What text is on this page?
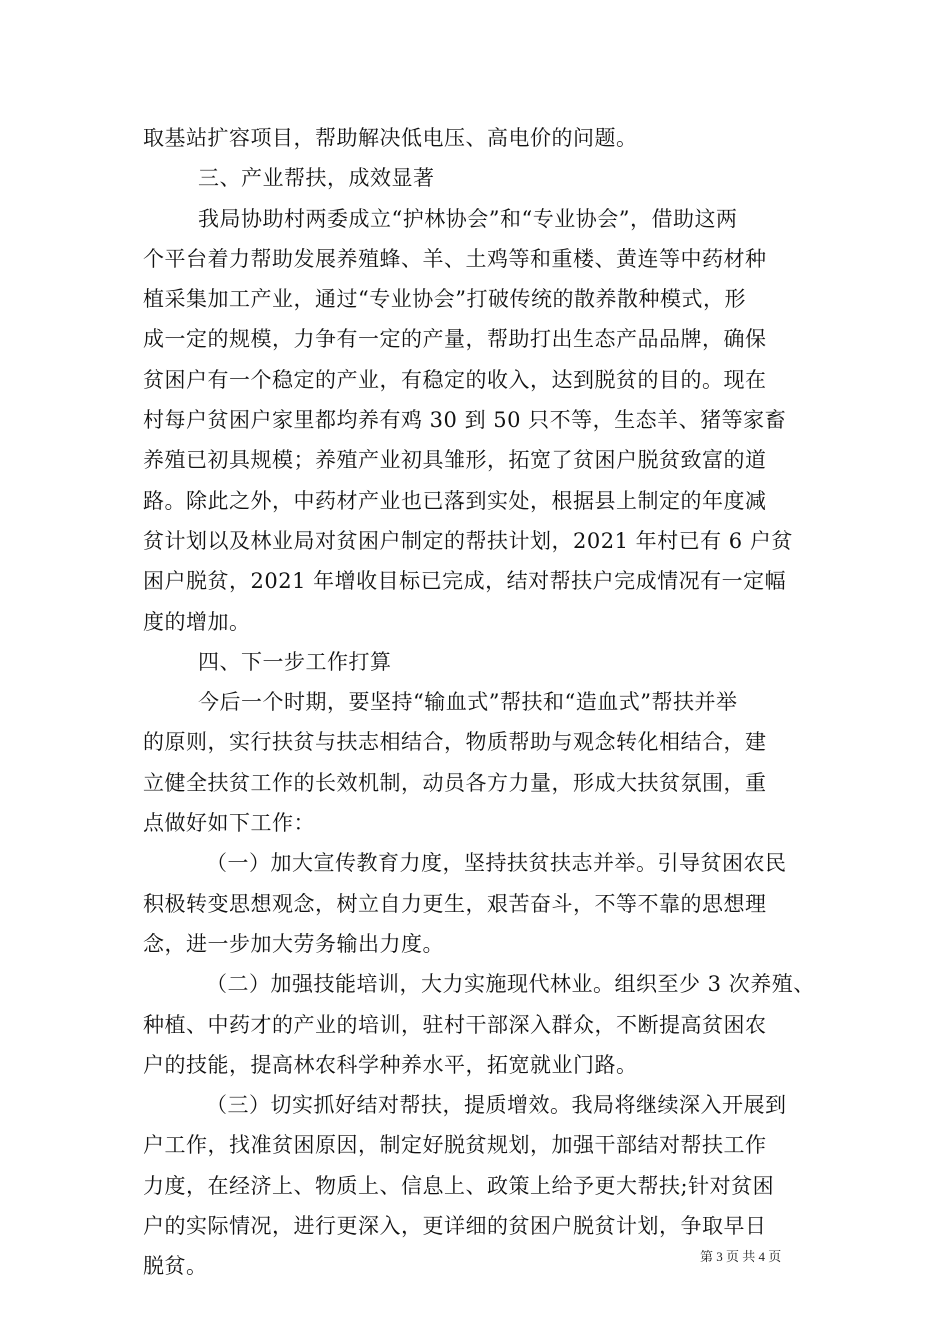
取基站扩容项目，帮助解决低电压、高电价的问题。
三、产业帮扶，成效显著
我局协助村两委成立“护林协会”和“专业协会”，借助这两
个平台着力帮助发展养殖蜂、羊、土鸡等和重楼、黄连等中药材种
植采集加工产业，通过“专业协会”打破传统的散养散种模式，形
成一定的规模，力争有一定的产量，帮助打出生态产品品牌，确保
贫困户有一个稳定的产业，有稳定的收入，达到脱贫的目的。现在
村每户贫困户家里都均养有鸡 30 到 50 只不等，生态羊、猪等家畜
养殖已初具规模；养殖产业初具雏形，拓宽了贫困户脱贫致富的道
路。除此之外，中药材产业也已落到实处，根据县上制定的年度减
贫计划以及林业局对贫困户制定的帮扶计划，2021 年村已有 6 户贫
困户脱贫，2021 年增收目标已完成，结对帮扶户完成情况有一定幅
度的增加。
四、下一步工作打算
今后一个时期，要坚持“输血式”帮扶和“造血式”帮扶并举
的原则，实行扶贫与扶志相结合，物质帮助与观念转化相结合，建
立健全扶贫工作的长效机制，动员各方力量，形成大扶贫氛围，重
点做好如下工作：
（一）加大宣传教育力度，坚持扶贫扶志并举。引导贫困农民
积极转变思想观念，树立自力更生，艰苦奋斗，不等不靠的思想理
念，进一步加大劳务输出力度。
（二）加强技能培训，大力实施现代林业。组织至少 3 次养殖、
种植、中药才的产业的培训，驻村干部深入群众，不断提高贫困农
户的技能，提高林农科学种养水平，拓宽就业门路。
（三）切实抓好结对帮扶，提质增效。我局将继续深入开展到
户工作，找准贫困原因，制定好脱贫规划，加强干部结对帮扶工作
力度，在经济上、物质上、信息上、政策上给予更大帮扶;针对贫困
户的实际情况，进行更深入，更详细的贫困户脱贫计划，争取早日
脱贫。	第 3 页 共 4 页
